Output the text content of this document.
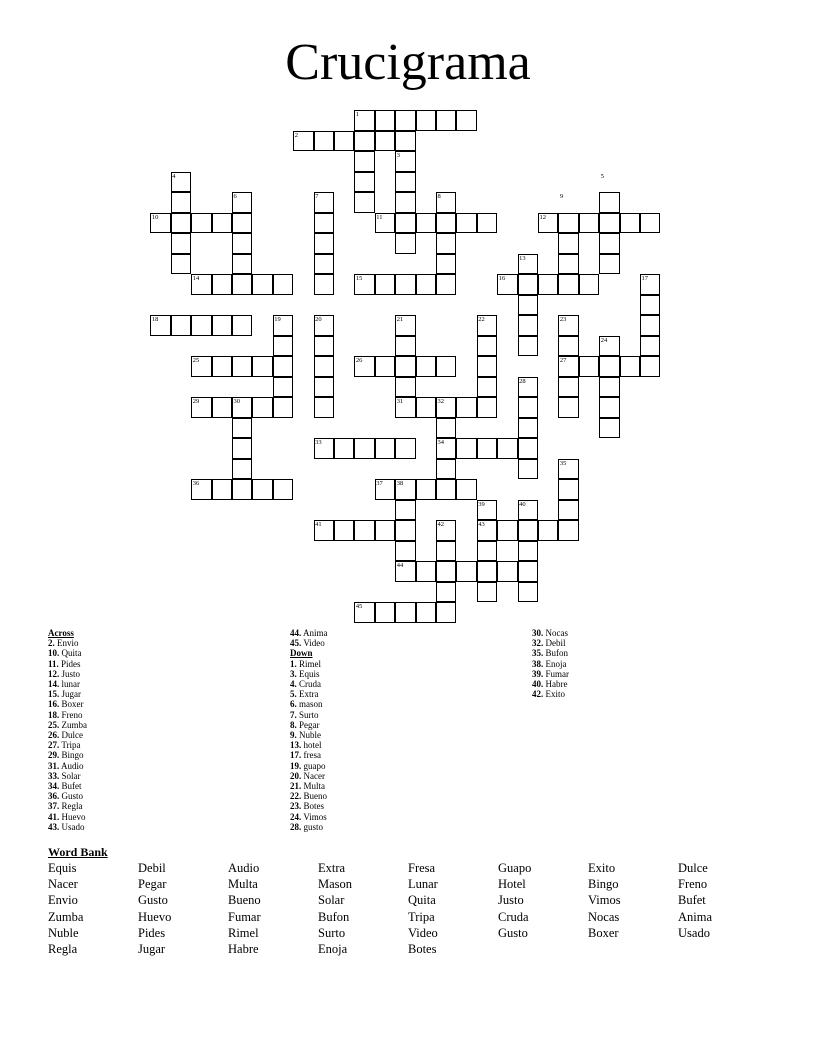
Crucigrama
1
2
3
4	5
6	7	8	9
10	11	12
13
14	15	16	17
18	19	20	21	22	23
24
25	26	27
28
29	30	31	32
33	34
35
36	37 38
39	40
41	42	43
44
45
Across
2. Envio
10. Quita
11. Pides
12. Justo
14. lunar
15. Jugar
16. Boxer
18. Freno
25. Zumba
26. Dulce
27. Tripa
29. Bingo
31. Audio
33. Solar
34. Bufet
36. Gusto
37. Regla
41. Huevo
43. Usado
44. Anima
45. Video
Down
1. Rimel
3. Equis
4. Cruda
5. Extra
6. mason
7. Surto
8. Pegar
9. Nuble
13. hotel
17. fresa
19. guapo
20. Nacer
21. Multa
22. Bueno
23. Botes
24. Vimos
28. gusto
30. Nocas
32. Debil
35. Bufon
38. Enoja
39. Fumar
40. Habre
42. Exito
Word Bank
Equis	Debil	Audio	Extra	Fresa	Guapo	Exito	Dulce
Nacer	Pegar	Multa	Mason	Lunar	Hotel	Bingo	Freno
Envio	Gusto	Bueno	Solar	Quita	Justo	Vimos	Bufet
Zumba	Huevo	Fumar	Bufon	Tripa	Cruda	Nocas	Anima
Nuble	Pides	Rimel	Surto	Video	Gusto	Boxer	Usado
Regla	Jugar	Habre	Enoja	Botes
